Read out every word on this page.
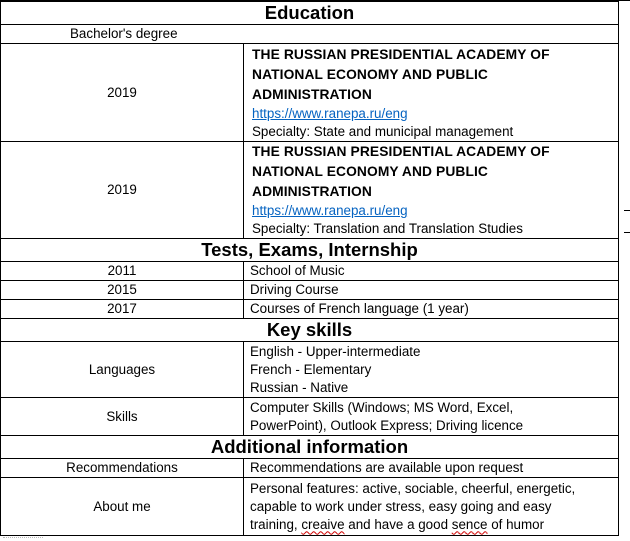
Education	
Bachelor's degree	
2019	THE RUSSIAN PRESIDENTIAL ACADEMY OF
NATIONAL ECONOMY AND PUBLIC
ADMINISTRATION
https://www.ranepa.ru/eng
Specialty: State and municipal management

2019	THE RUSSIAN PRESIDENTIAL ACADEMY OF
NATIONAL ECONOMY AND PUBLIC
ADMINISTRATION
https://www.ranepa.ru/eng
Specialty: Translation and Translation Studies

Tests, Exams, Internship	
2011	School of Music
2015	Driving Course
2017	Courses of French language (1 year)
Key skills	
Languages	English - Upper-intermediate
French - Elementary
Russian - Native

Skills	Computer Skills (Windows; MS Word, Excel,
PowerPoint), Outlook Express; Driving licence

Additional information	
Recommendations	Recommendations are available upon request
About me	Personal features: active, sociable, cheerful, energetic,
capable to work under stress, easy going and easy
training, creaive and have a good sence of humor
